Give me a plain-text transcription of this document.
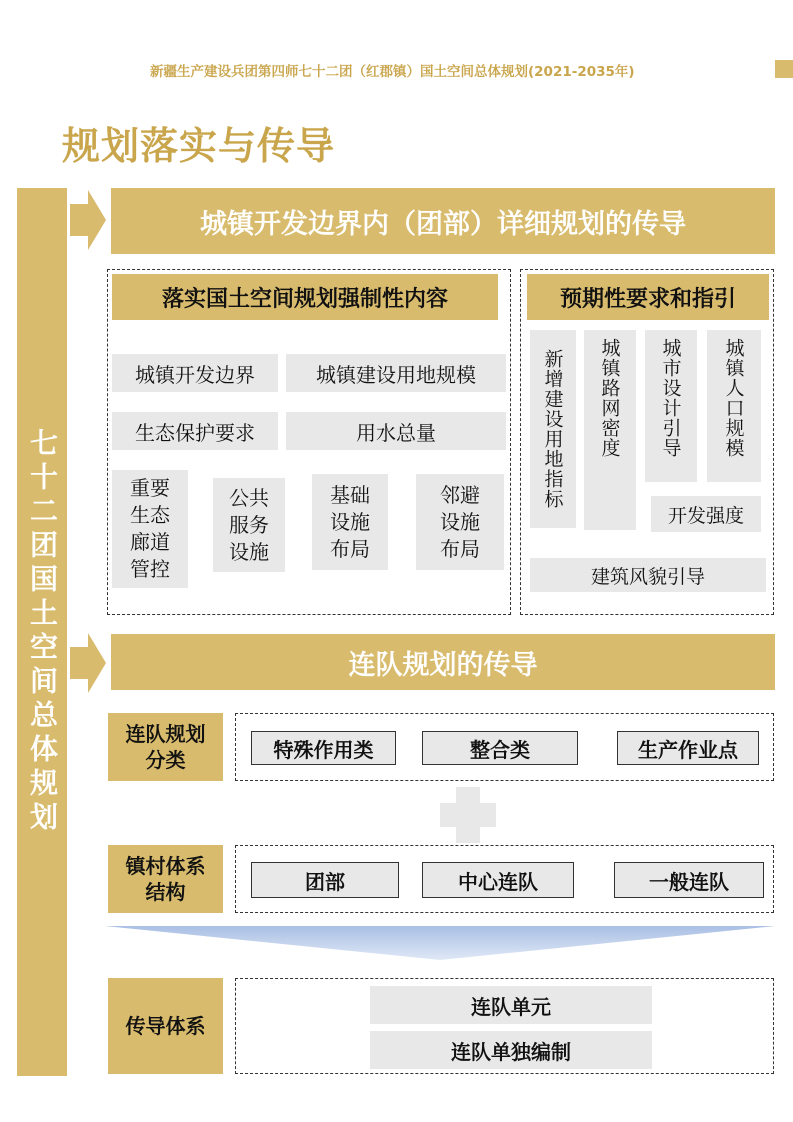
新疆生产建设兵团第四师七十二团（红郡镇）国土空间总体规划(2021-2035年)
规划落实与传导
七十二团国土空间总体规划
城镇开发边界内（团部）详细规划的传导
落实国土空间规划强制性内容
城镇开发边界	城镇建设用地规模
生态保护要求	用水总量
重要生态廊道管控
公共服务设施
基础设施布局
邻避设施布局
预期性要求和指引
新增建设用地指标 城镇路网密度 城市设计引导 城镇人口规模
开发强度
建筑风貌引导
连队规划的传导
连队规划分类	特殊作用类	整合类	生产作业点
镇村体系结构	团部	中心连队	一般连队
传导体系
连队单元
连队单独编制
